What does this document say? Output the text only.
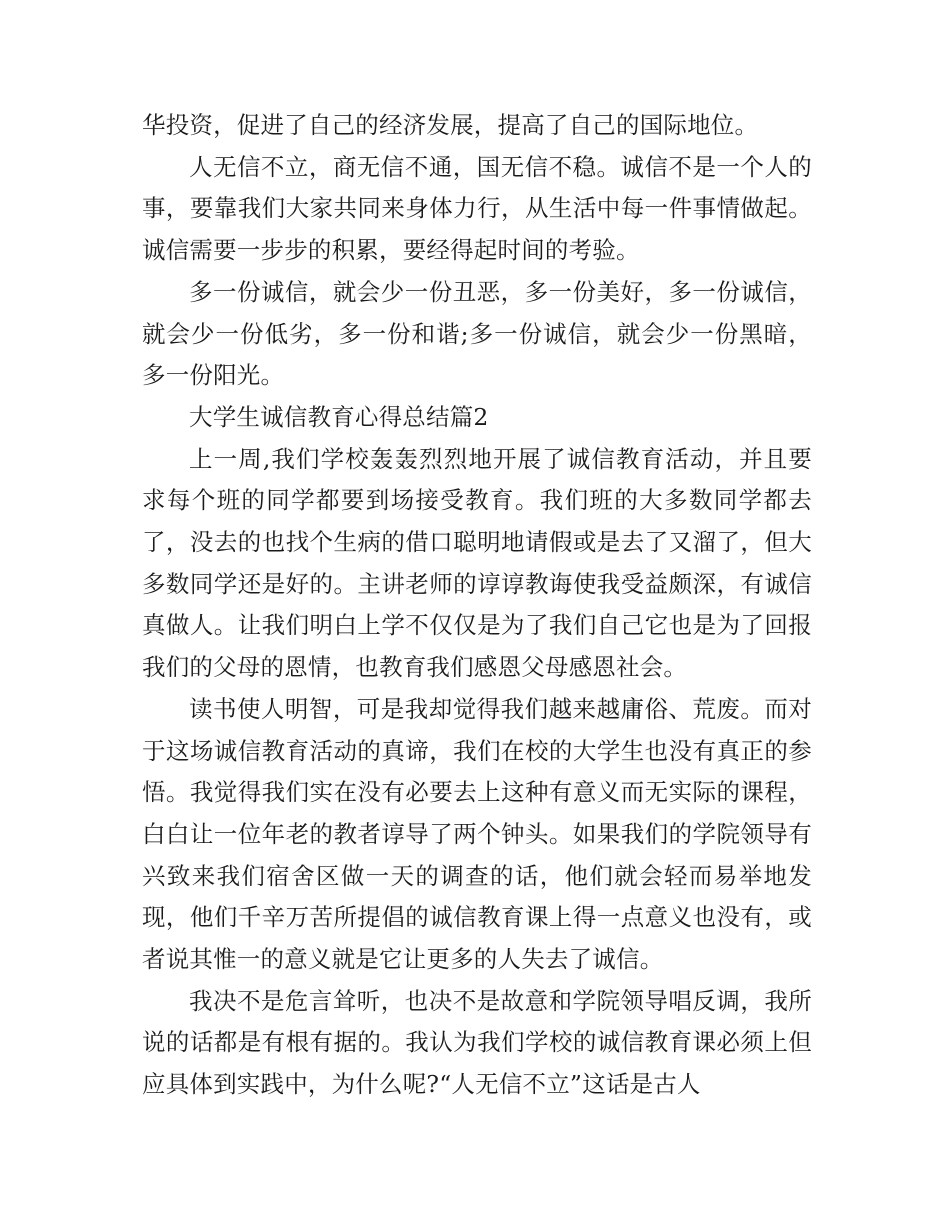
华投资，促进了自己的经济发展，提高了自己的国际地位。

人无信不立，商无信不通，国无信不稳。诚信不是一个人的事，要靠我们大家共同来身体力行，从生活中每一件事情做起。诚信需要一步步的积累，要经得起时间的考验。

多一份诚信，就会少一份丑恶，多一份美好，多一份诚信，就会少一份低劣，多一份和谐;多一份诚信，就会少一份黑暗，多一份阳光。

大学生诚信教育心得总结篇2

上一周,我们学校轰轰烈烈地开展了诚信教育活动，并且要求每个班的同学都要到场接受教育。我们班的大多数同学都去了，没去的也找个生病的借口聪明地请假或是去了又溜了，但大多数同学还是好的。主讲老师的谆谆教诲使我受益颇深，有诚信真做人。让我们明白上学不仅仅是为了我们自己它也是为了回报我们的父母的恩情，也教育我们感恩父母感恩社会。

读书使人明智，可是我却觉得我们越来越庸俗、荒废。而对于这场诚信教育活动的真谛，我们在校的大学生也没有真正的参悟。我觉得我们实在没有必要去上这种有意义而无实际的课程，白白让一位年老的教者谆导了两个钟头。如果我们的学院领导有兴致来我们宿舍区做一天的调查的话，他们就会轻而易举地发现，他们千辛万苦所提倡的诚信教育课上得一点意义也没有，或者说其惟一的意义就是它让更多的人失去了诚信。

我决不是危言耸听，也决不是故意和学院领导唱反调，我所说的话都是有根有据的。我认为我们学校的诚信教育课必须上但应具体到实践中，为什么呢?“人无信不立”这话是古人
